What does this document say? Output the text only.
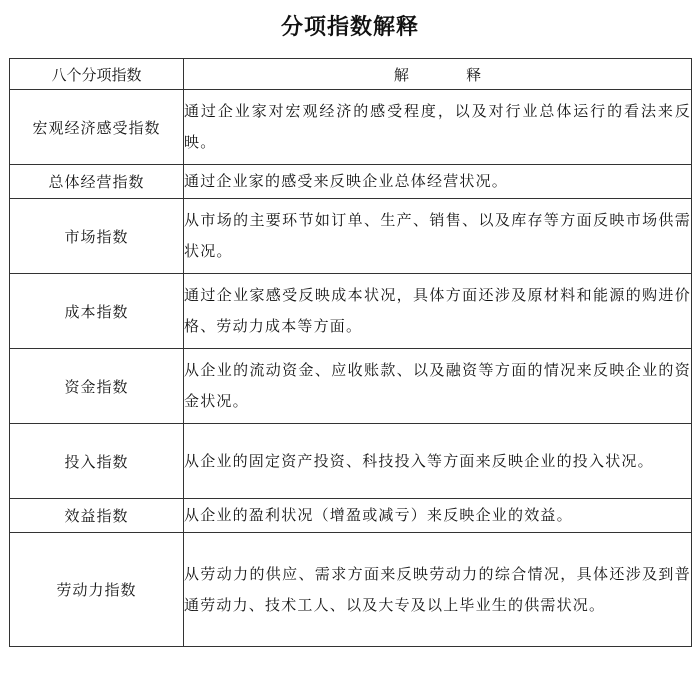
分项指数解释
八个分项指数	解            释
宏观经济感受指数	通过企业家对宏观经济的感受程度，以及对行业总体运行的看法来反映。
总体经营指数	通过企业家的感受来反映企业总体经营状况。
市场指数	从市场的主要环节如订单、生产、销售、以及库存等方面反映市场供需状况。
成本指数	通过企业家感受反映成本状况，具体方面还涉及原材料和能源的购进价格、劳动力成本等方面。
资金指数	从企业的流动资金、应收账款、以及融资等方面的情况来反映企业的资金状况。
投入指数	从企业的固定资产投资、科技投入等方面来反映企业的投入状况。
效益指数	从企业的盈利状况（增盈或减亏）来反映企业的效益。
劳动力指数	从劳动力的供应、需求方面来反映劳动力的综合情况，具体还涉及到普通劳动力、技术工人、以及大专及以上毕业生的供需状况。
